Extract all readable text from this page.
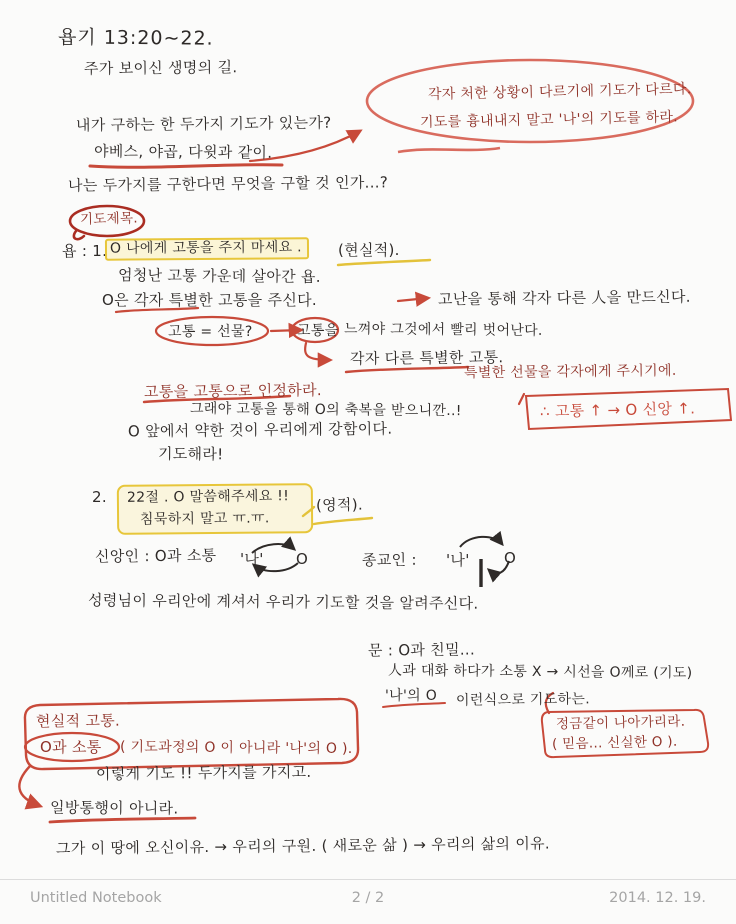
욥기 13:20~22.
주가 보이신 생명의 길.
내가 구하는 한 두가지 기도가 있는가?
야베스, 야곱, 다윗과 같이.
나는 두가지를 구한다면 무엇을 구할 것 인가...?
각자 처한 상황이 다르기에 기도가 다르다.
기도를 흉내내지 말고 '나'의 기도를 하라.
기도제목.
욥 : 1. O 나에게 고통을 주지 마세요 .	(현실적).
엄청난 고통 가운데 살아간 욥.
O은 각자 특별한 고통을 주신다.	고난을 통해 각자 다른 人을 만드신다.
고통 = 선물?	고통을 느껴야 그것에서 빨리 벗어난다.
각자 다른 특별한 고통.
특별한 선물을 각자에게 주시기에.
고통을 고통으로 인정하라.
그래야 고통을 통해 O의 축복을 받으니깐..!	∴ 고통 ↑ → O 신앙 ↑.
O 앞에서 약한 것이 우리에게 강함이다.
기도해라!
2. 22절 . O 말씀해주세요 !!
침묵하지 말고 ㅠ.ㅠ.
(영적).
신앙인 : O과 소통 '나' O	종교인 : '나' O
성령님이 우리안에 계셔서 우리가 기도할 것을 알려주신다.
문 : O과 친밀...
人과 대화 하다가 소통 X → 시선을 O께로 (기도)
'나'의 O 이런식으로 기도하는.
정금같이 나아가리라.
( 믿음... 신실한 O ).
현실적 고통.
O과 소통 ( 기도과정의 O 이 아니라 '나'의 O ).
이렇게 기도 !! 두가지를 가지고.
일방통행이 아니라.
그가 이 땅에 오신이유. → 우리의 구원. ( 새로운 삶 ) → 우리의 삶의 이유.
Untitled Notebook	2 / 2	2014. 12. 19.
